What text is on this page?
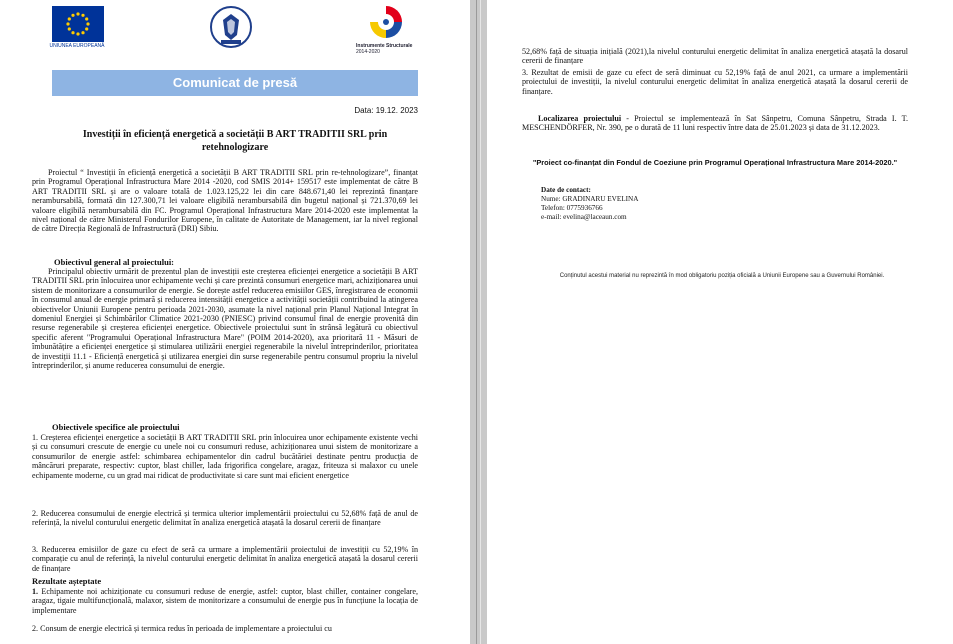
UNIUNEA EUROPEANĂ	Instrumente Structurale
2014-2020
Comunicat de presă
Data: 19.12. 2023
Investiții în eficiență energetică a societății B ART TRADITII SRL prin retehnologizare

Proiectul “ Investiții în eficiență energetică a societății B ART TRADITII SRL prin re-tehnologizare”, finanțat prin Programul Operațional Infrastructura Mare 2014 -2020, cod SMIS 2014+ 159517 este implementat de către B ART TRADITII SRL și are o valoare totală de 1.023.125,22 lei din care 848.671,40 lei reprezintă finanțare nerambursabilă, formată din 127.300,71 lei valoare eligibilă nerambursabilă din bugetul național și 721.370,69 lei valoare eligibilă nerambursabilă din FC. Programul Operațional Infrastructura Mare 2014-2020 este implementat la nivel național de către Ministerul Fondurilor Europene, în calitate de Autoritate de Management, iar la nivel regional de către Direcția Regională de Infrastructură (DRI) Sibiu.

Obiectivul general al proiectului:

Principalul obiectiv urmărit de prezentul plan de investiții este creșterea eficienței energetice a societății B ART TRADITII SRL prin înlocuirea unor echipamente vechi și care prezintă consumuri energetice mari, achiziționarea unui sistem de monitorizare a consumurilor de energie. Se dorește astfel reducerea emisiilor GES, înregistrarea de economii în consumul anual de energie primară și reducerea intensității energetice a activității societății contribuind la atingerea obiectivelor Uniunii Europene pentru perioada 2021-2030, asumate la nivel național prin Planul Național Integrat în domeniul Energiei și Schimbărilor Climatice 2021-2030 (PNIESC) privind consumul final de energie provenită din resurse regenerabile și creșterea eficienței energetice. Obiectivele proiectului sunt în strânsă legătură cu obiectivul specific aferent "Programului Operațional Infrastructura Mare" (POIM 2014-2020), axa prioritară 11 - Măsuri de îmbunătățire a eficienței energetice și stimularea utilizării energiei regenerabile la nivelul întreprinderilor, prioritatea de investiții 11.1 - Eficiență energetică și utilizarea energiei din surse regenerabile pentru consumul propriu la nivelul întreprinderilor, și anume reducerea consumului de energie.

Obiectivele specifice ale proiectului

1. Creșterea eficienței energetice a societății B ART TRADITII SRL prin înlocuirea unor echipamente existente vechi și cu consumuri crescute de energie cu unele noi cu consumuri reduse, achiziționarea unui sistem de monitorizare a consumurilor de energie astfel: schimbarea echipamentelor din cadrul bucătăriei destinate pentru producția de mâncăruri preparate, respectiv: cuptor, blast chiller, lada frigorifica congelare, aragaz, friteuza si malaxor cu unele echipamente moderne, cu un grad mai ridicat de productivitate si care sunt mai eficient energetice

2. Reducerea consumului de energie electrică și termica ulterior implementării proiectului cu 52,68% față de anul de referință, la nivelul conturului energetic delimitat în analiza energetică atașată la dosarul cererii de finanțare

3. Reducerea emisiilor de gaze cu efect de seră ca urmare a implementării proiectului de investiții cu 52,19% în comparație cu anul de referință, la nivelul conturului energetic delimitat în analiza energetică atașată la dosarul cererii de finanțare

Rezultate așteptate

1. Echipamente noi achiziționate cu consumuri reduse de energie, astfel: cuptor, blast chiller, container congelare, aragaz, tigaie multifuncțională, malaxor, sistem de monitorizare a consumului de energie pus în funcțiune la locația de implementare

2. Consum de energie electrică și termica redus în perioada de implementare a proiectului cu

52,68% față de situația inițială (2021),la nivelul conturului energetic delimitat în analiza energetică atașată la dosarul cererii de finanțare

3. Rezultat de emisii de gaze cu efect de seră diminuat cu 52,19% față de anul 2021, ca urmare a implementării proiectului de investiții, la nivelul conturului energetic delimitat în analiza energetică atașată la dosarul cererii de finanțare.

Localizarea proiectului - Proiectul se implementează în Sat Sânpetru, Comuna Sânpetru, Strada I. T. MESCHENDÖRFER, Nr. 390, pe o durată de 11 luni respectiv între data de 25.01.2023 și data de 31.12.2023.

"Proiect co-finanțat din Fondul de Coeziune prin Programul Operațional Infrastructura Mare 2014-2020."
Date de contact:
Nume: GRADINARU EVELINA
Telefon: 0775936766
e-mail: evelina@laceaun.com
Conținutul acestui material nu reprezintă în mod obligatoriu poziția oficială a Uniunii Europene sau a Guvernului României.
